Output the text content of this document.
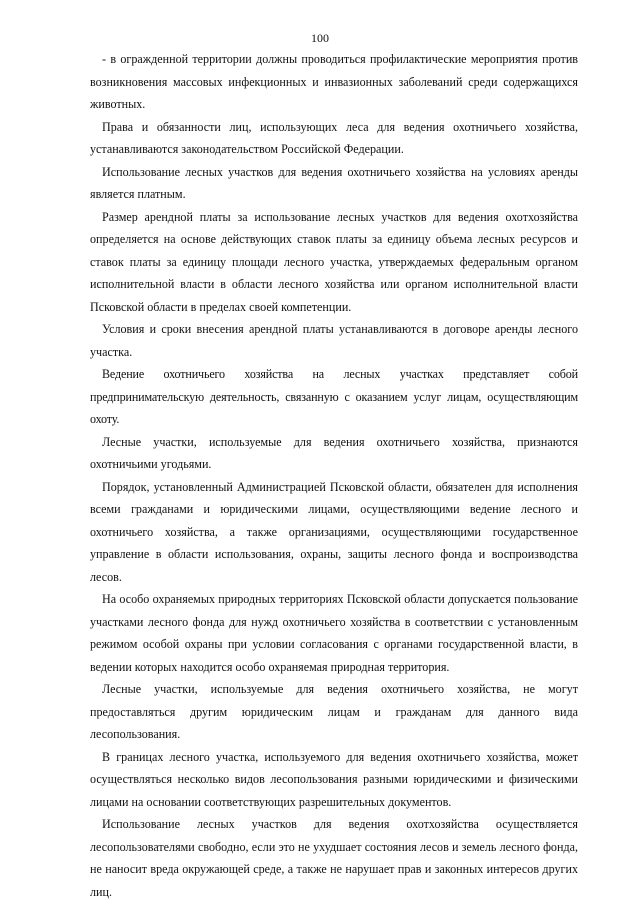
100

- в огражденной территории должны проводиться профилактические мероприятия против возникновения массовых инфекционных и инвазионных заболеваний среди содержащихся животных.

Права и обязанности лиц, использующих леса для ведения охотничьего хозяйства, устанавливаются законодательством Российской Федерации.

Использование лесных участков для ведения охотничьего хозяйства на условиях аренды является платным.

Размер арендной платы за использование лесных участков для ведения охотхозяйства определяется на основе действующих ставок платы за единицу объема лесных ресурсов и ставок платы за единицу площади лесного участка, утверждаемых федеральным органом исполнительной власти в области лесного хозяйства или органом исполнительной власти Псковской области в пределах своей компетенции.

Условия и сроки внесения арендной платы устанавливаются в договоре аренды лесного участка.

Ведение охотничьего хозяйства на лесных участках представляет собой предпринимательскую деятельность, связанную с оказанием услуг лицам, осуществляющим охоту.

Лесные участки, используемые для ведения охотничьего хозяйства, признаются охотничьими угодьями.

Порядок, установленный Администрацией Псковской области, обязателен для исполнения всеми гражданами и юридическими лицами, осуществляющими ведение лесного и охотничьего хозяйства, а также организациями, осуществляющими государственное управление в области использования, охраны, защиты лесного фонда и воспроизводства лесов.

На особо охраняемых природных территориях Псковской области допускается пользование участками лесного фонда для нужд охотничьего хозяйства в соответствии с установленным режимом особой охраны при условии согласования с органами государственной власти, в ведении которых находится особо охраняемая природная территория.

Лесные участки, используемые для ведения охотничьего хозяйства, не могут предоставляться другим юридическим лицам и гражданам для данного вида лесопользования.

В границах лесного участка, используемого для ведения охотничьего хозяйства, может осуществляться несколько видов лесопользования разными юридическими и физическими лицами на основании соответствующих разрешительных документов.

Использование лесных участков для ведения охотхозяйства осуществляется лесопользователями свободно, если это не ухудшает состояния лесов и земель лесного фонда, не наносит вреда окружающей среде, а также не нарушает прав и законных интересов других лиц.
